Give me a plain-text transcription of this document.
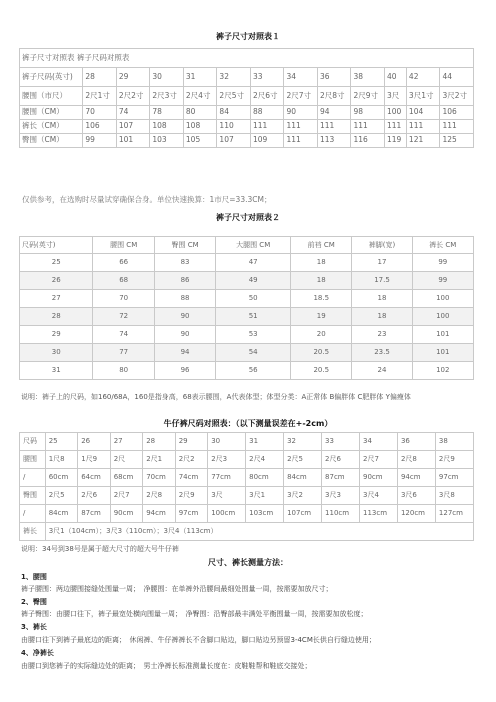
裤子尺寸对照表１
裤子尺寸对照表 裤子尺码对照表												
裤子尺码(英寸)	28	29	30	31	32	33	34	36	38	40	42	44
腰围（市尺）	2尺1寸	2尺2寸	2尺3寸	2尺4寸	2尺5寸	2尺6寸	2尺7寸	2尺8寸	2尺9寸	3尺	3尺1寸	3尺2寸
腰围（CM）	70	74	78	80	84	88	90	94	98	100	104	106
裤长（CM）	106	107	108	108	110	111	111	111	111	111	111	111
臀围（CM）	99	101	103	105	107	109	111	113	116	119	121	125
仅供参考，在选购时尽量试穿确保合身。单位快速换算：1市尺=33.3CM；
裤子尺寸对照表２
尺码(英寸)	腰围 CM	臀围 CM	大腿围 CM	前裆 CM	裤脚(宽)	裤长 CM
25	66	83	47	18	17	99
26	68	86	49	18	17.5	99
27	70	88	50	18.5	18	100
28	72	90	51	19	18	100
29	74	90	53	20	23	101
30	77	94	54	20.5	23.5	101
31	80	96	56	20.5	24	102
说明：裤子上的尺码，如160/68A，160是指身高，68表示腰围，A代表体型；体型分类：A正常体 B偏胖体 C肥胖体 Y偏瘦体
牛仔裤尺码对照表：（以下测量误差在+-2cm）
尺码	25	26	27	28	29	30	31	32	33	34	36	38
腰围	1尺8	1尺9	2尺	2尺1	2尺2	2尺3	2尺4	2尺5	2尺6	2尺7	2尺8	2尺9
/	60cm	64cm	68cm	70cm	74cm	77cm	80cm	84cm	87cm	90cm	94cm	97cm
臀围	2尺5	2尺6	2尺7	2尺8	2尺9	3尺	3尺1	3尺2	3尺3	3尺4	3尺6	3尺8
/	84cm	87cm	90cm	94cm	97cm	100cm	103cm	107cm	110cm	113cm	120cm	127cm
裤长	3尺1（104cm）；3尺3（110cm）；3尺4（113cm）											
说明：34号到38号是属于超大尺寸的超大号牛仔裤
尺寸、裤长测量方法：
1、腰围
裤子腰围：两边腰围接缝处围量一周；　净腰围：在单裤外沿腰间最细处围量一周，按需要加放尺寸；
2、臀围
裤子臀围：由腰口往下，裤子最宽处横向围量一周；　净臀围：沿臀部最丰满处平衡围量一周，按需要加放松度；
3、裤长
由腰口往下到裤子最底边的距离；　休闲裤、牛仔裤裤长不含脚口贴边，脚口贴边另预留3-4CM长供自行缝边使用；
4、净裤长
由腰口到您裤子的实际缝边处的距离；　男士净裤长标准测量长度在：皮鞋鞋帮和鞋底交接处；
